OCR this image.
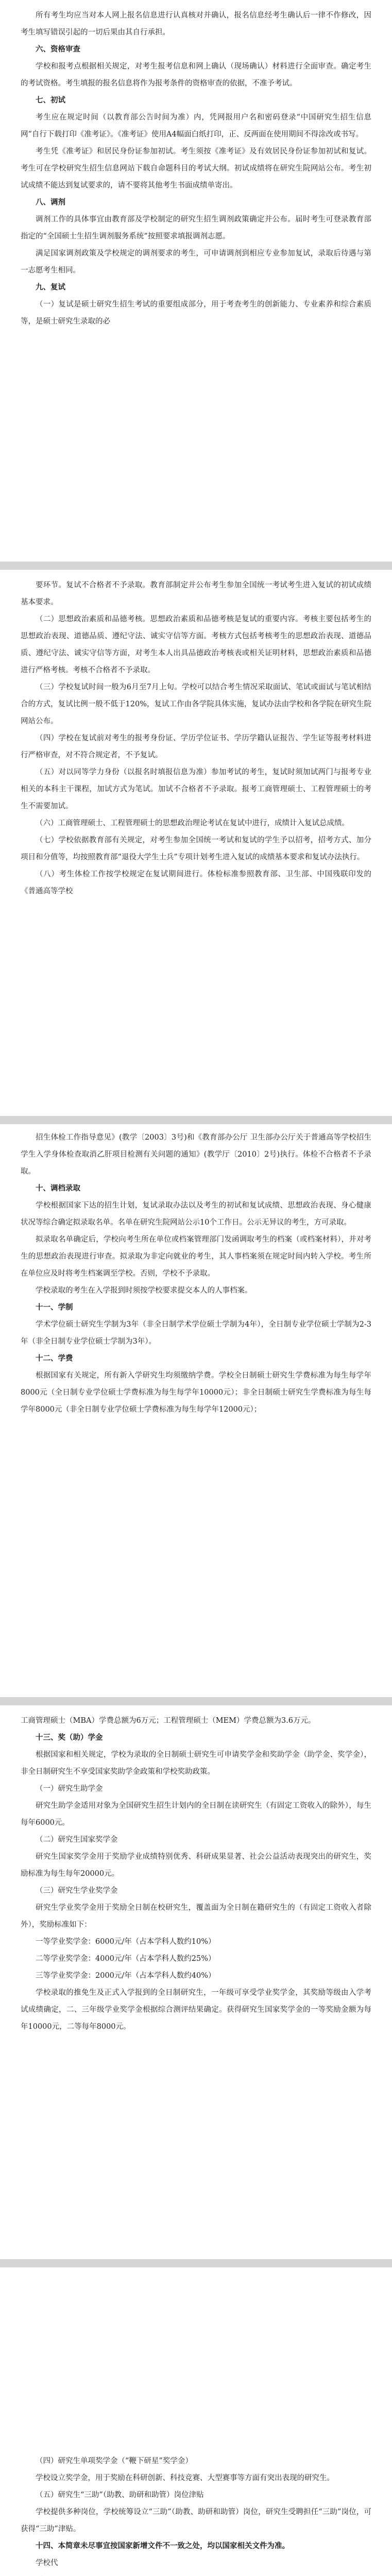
所有考生均应当对本人网上报名信息进行认真核对并确认，报名信息经考生确认后一律不作修改，因考生填写错误引起的一切后果由其自行承担。

六、资格审查

学校和报考点根据相关规定，对考生报考信息和网上确认（现场确认）材料进行全面审查。确定考生的考试资格。考生填报的报名信息将作为报考条件的资格审查的依据，不准予考试。

七、初试

考生应在规定时间（以教育部公告时间为准）内，凭网报用户名和密码登录“中国研究生招生信息网”自行下载打印《准考证》。《准考证》使用A4幅面白纸打印，正、反两面在使用期间不得涂改或书写。

考生凭《准考证》和居民身份证参加初试。考生须按《准考证》及有效居民身份证参加初试和复试。考生可在学校研究生招生信息网站下载自命题科目的考试大纲。初试成绩将在研究生院网站公布。考生初试成绩不能达到复试要求的，请不要将其他考生书面成绩单寄出。

八、调剂

调剂工作的具体事宜由教育部及学校制定的研究生招生调剂政策确定并公布。届时考生可登录教育部指定的“全国硕士生招生调剂服务系统”按照要求填报调剂志愿。

满足国家调剂政策及学校规定的调剂要求的考生，可申请调剂到相应专业参加复试，录取后待遇与第一志愿考生相同。

九、复试

（一）复试是硕士研究生招生考试的重要组成部分，用于考查考生的创新能力、专业素养和综合素质等，是硕士研究生录取的必

要环节。复试不合格者不予录取。教育部制定并公布考生参加全国统一考试考生进入复试的初试成绩基本要求。

（二）思想政治素质和品德考核。思想政治素质和品德考核是复试的重要内容。考核主要包括考生的思想政治表现、道德品质、遵纪守法、诚实守信等方面。考核方式包括考核考生的思想政治表现、道德品质、遵纪守法、诚实守信等方面，对考生本人出具品德政治考核表或相关证明材料，思想政治素质和品德进行严格考核。考核不合格者不予录取。

（三）学校复试时间一般为6月至7月上旬。学校可以结合考生情况采取面试、笔试或面试与笔试相结合的方式，复试比例一般不低于120%，复试工作由各学院具体实施，复试办法由学校和各学院在研究生院网站公布。

（四）学校在复试前对考生的报考身份证、学历学位证书、学历学籍认证报告、学生证等报考材料进行严格审查，对不符合规定者，不予复试。

（五）对以同等学力身份（以报名时填报信息为准）参加考试的考生，复试时须加试两门与报考专业相关的本科主干课程，加试方式为笔试。加试不合格者不予录取。报考工商管理硕士、工程管理硕士的考生不需要加试。

（六）工商管理硕士、工程管理硕士的思想政治理论考试在复试中进行，成绩计入复试总成绩。

（七）学校依据教育部有关规定，对考生参加全国统一考试和复试的学生予以招考，招考方式、加分项目和分值等，均按照教育部“退役大学生士兵”专项计划考生进入复试的成绩基本要求和复试办法执行。

（八）考生体检工作按学校规定在复试期间进行。体检标准参照教育部、卫生部、中国残联印发的《普通高等学校

招生体检工作指导意见》(教学〔2003〕3号)和《教育部办公厅 卫生部办公厅关于普通高等学校招生学生入学身体检查取消乙肝项目检测有关问题的通知》(教学厅〔2010〕2号)执行。体检不合格者不予录取。

十、调档录取

学校根据国家下达的招生计划，复试录取办法以及考生的初试和复试成绩、思想政治表现、身心健康状况等综合确定拟录取名单。名单在研究生院网站公示10个工作日。公示无异议的考生，方可录取。

拟录取名单确定后，学校向考生所在单位或档案管理部门发函调取考生的档案（或档案材料），并对考生的思想政治表现进行审查。拟录取为非定向就业的考生，其人事档案须在规定时间内转入学校。考生所在单位应及时将考生档案调至学校。否则，学校不予录取。

学校录取的考生在入学报到时须按学校要求提交本人的人事档案。

十一、学制

学术学位硕士研究生学制为3年（非全日制学术学位硕士学制为4年），全日制专业学位硕士学制为2-3年（非全日制专业学位硕士学制为3年）。

十二、学费

根据国家有关规定，所有新入学研究生均须缴纳学费。学校全日制硕士研究生学费标准为每生每学年8000元（全日制专业学位硕士学费标准为每生每学年10000元）；非全日制硕士研究生学费标准为每生每学年8000元（非全日制专业学位硕士学费标准为每生每学年12000元）；

工商管理硕士（MBA）学费总额为6万元；工程管理硕士（MEM）学费总额为3.6万元。

十三、奖（助）学金

根据国家和相关规定，学校为录取的全日制硕士研究生可申请奖学金和奖助学金（助学金、奖学金），非全日制研究生不享受国家奖助学金政策和学校奖助政策。

（一）研究生助学金

研究生助学金适用对象为全国研究生招生计划内的全日制在读研究生（有固定工资收入的除外），每生每年6000元。

（二）研究生国家奖学金

研究生国家奖学金用于奖励学业成绩特别优秀、科研成果显著、社会公益活动表现突出的研究生，奖励标准为每生每年20000元。

（三）研究生学业奖学金

研究生学业奖学金用于奖励全日制在校研究生，覆盖面为全日制在籍研究生的（有固定工资收入者除外），奖励标准如下：

一等学业奖学金：6000元/年（占本学科人数约10%）

二等学业奖学金：4000元/年（占本学科人数约25%）

三等学业奖学金：2000元/年（占本学科人数约40%）

学校录取的推免生及正式入学报到的全日制研究生，一年级可享受学业奖学金，其奖励等级由入学考试成绩确定，二、三年级学业奖学金根据综合测评结果确定。获得研究生国家奖学金的一等奖励金额为每年10000元，二等每年8000元。

（四）研究生单项奖学金（“鞭下研星”奖学金）

学校设立奖学金，用于奖励在科研创新、科技竞赛、大型赛事等方面有突出表现的研究生。

（五）研究生“三助”（助教、助研和助管）岗位津贴

学校提供多种岗位，学校统筹设立“三助”（助教、助研和助管）岗位，研究生受聘担任“三助”岗位，可获得“三助”津贴。

十四、本简章未尽事宜按国家新增文件不一致之处，均以国家相关文件为准。
学校代
